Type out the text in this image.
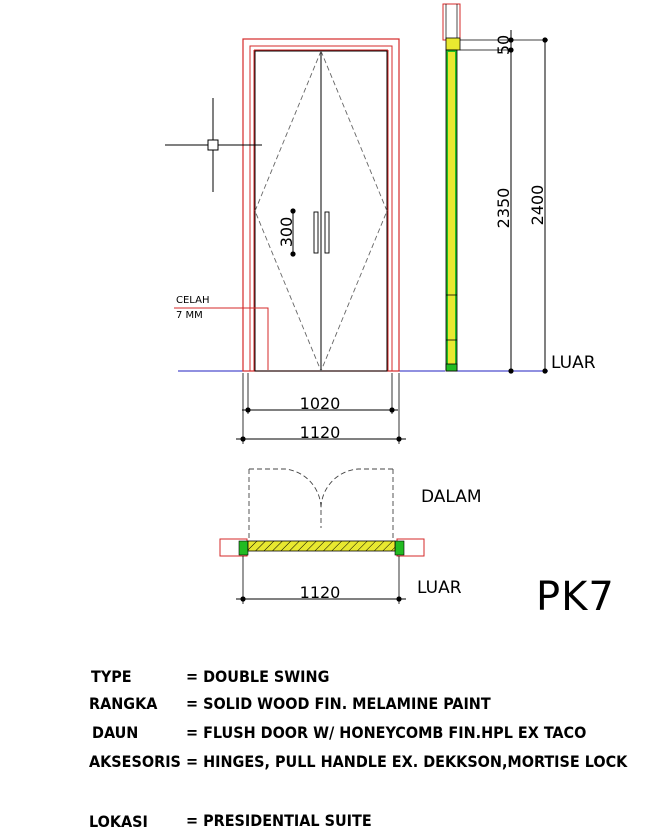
300
CELAH
7 MM
1020
1120
50
2350 2400
LUAR
1120
DALAM
LUAR PK7
TYPE	= DOUBLE SWING
RANGKA = SOLID WOOD FIN. MELAMINE PAINT
DAUN	= FLUSH DOOR W/ HONEYCOMB FIN.HPL EX TACO
AKSESORIS = HINGES, PULL HANDLE EX. DEKKSON,MORTISE LOCK
LOKASI = PRESIDENTIAL SUITE
